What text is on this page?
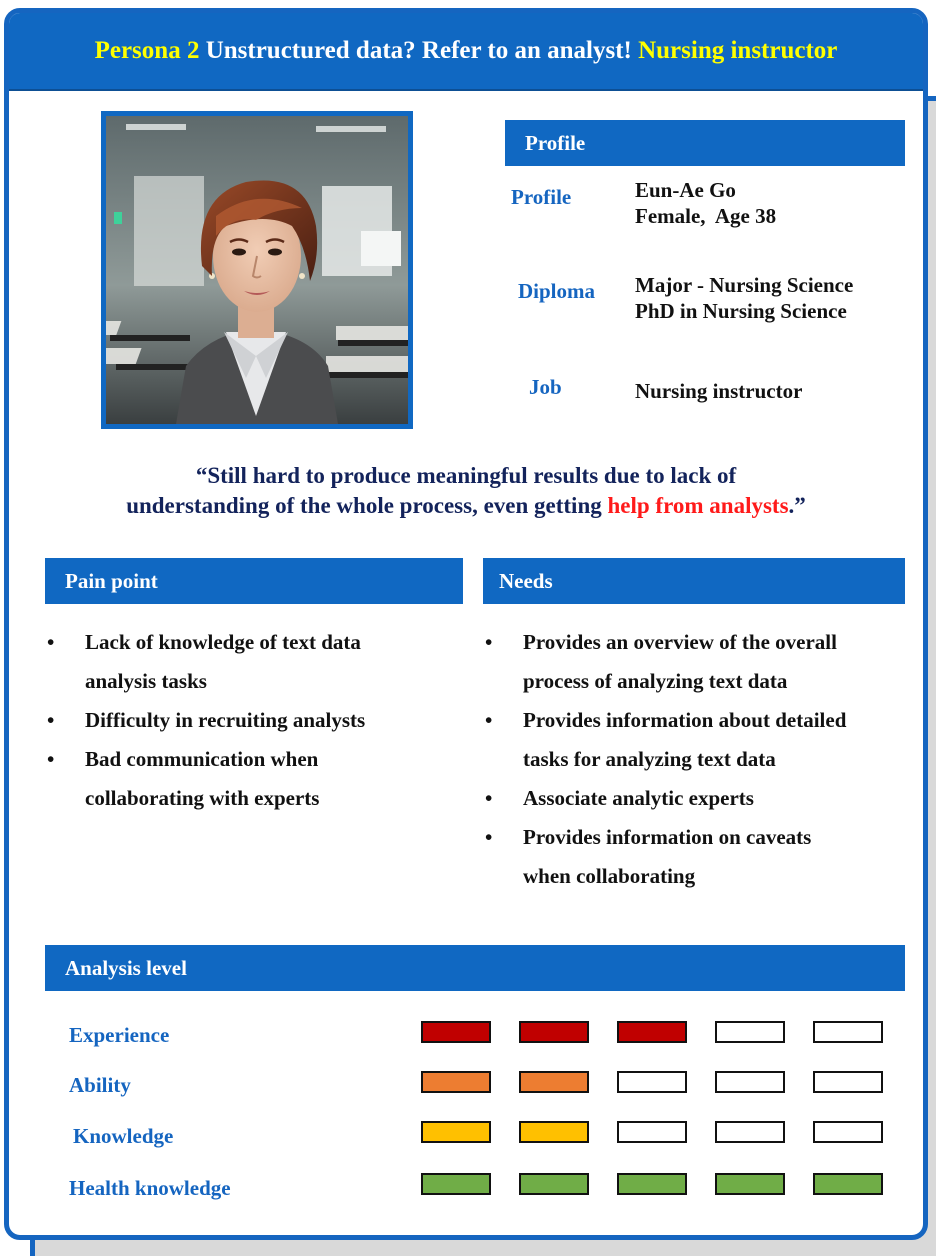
Persona 2 Unstructured data? Refer to an analyst! Nursing instructor
Profile
Profile	Eun-Ae Go
Female,  Age 38
Diploma Major - Nursing Science
PhD in Nursing Science
Job	Nursing instructor
“Still hard to produce meaningful results due to lack of
understanding of the whole process, even getting help from analysts.”
Pain point
• Lack of knowledge of text data
analysis tasks
• Difficulty in recruiting analysts
• Bad communication when
collaborating with experts
Needs
• Provides an overview of the overall
process of analyzing text data
• Provides information about detailed
tasks for analyzing text data
• Associate analytic experts
• Provides information on caveats
when collaborating
Analysis level
Experience
Ability
Knowledge
Health knowledge
